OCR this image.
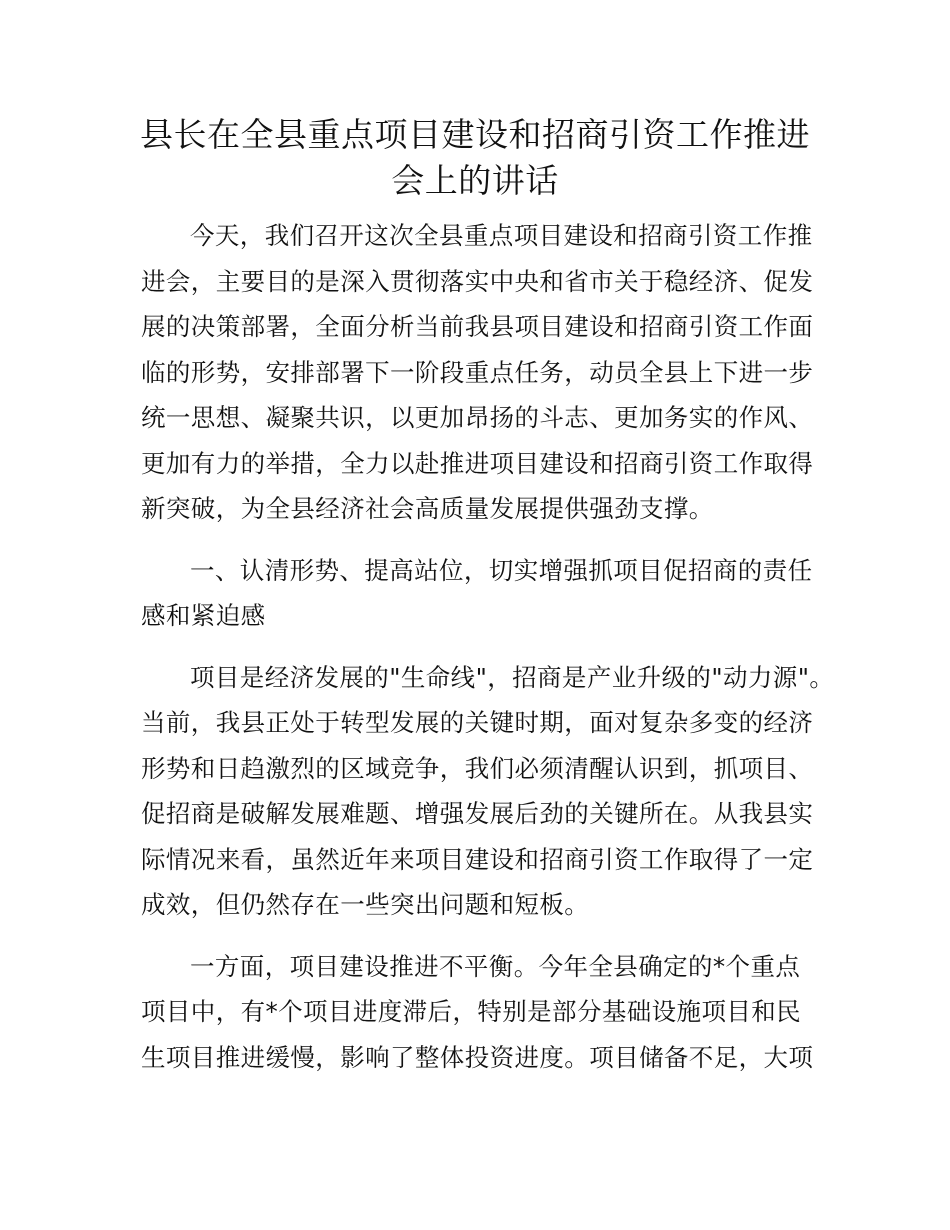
县长在全县重点项目建设和招商引资工作推进
会上的讲话

今天，我们召开这次全县重点项目建设和招商引资工作推
进会，主要目的是深入贯彻落实中央和省市关于稳经济、促发
展的决策部署，全面分析当前我县项目建设和招商引资工作面
临的形势，安排部署下一阶段重点任务，动员全县上下进一步
统一思想、凝聚共识，以更加昂扬的斗志、更加务实的作风、
更加有力的举措，全力以赴推进项目建设和招商引资工作取得
新突破，为全县经济社会高质量发展提供强劲支撑。

一、认清形势、提高站位，切实增强抓项目促招商的责任
感和紧迫感

项目是经济发展的"生命线"，招商是产业升级的"动力源"。
当前，我县正处于转型发展的关键时期，面对复杂多变的经济
形势和日趋激烈的区域竞争，我们必须清醒认识到，抓项目、
促招商是破解发展难题、增强发展后劲的关键所在。从我县实
际情况来看，虽然近年来项目建设和招商引资工作取得了一定
成效，但仍然存在一些突出问题和短板。

一方面，项目建设推进不平衡。今年全县确定的*个重点
项目中，有*个项目进度滞后，特别是部分基础设施项目和民
生项目推进缓慢，影响了整体投资进度。项目储备不足，大项
